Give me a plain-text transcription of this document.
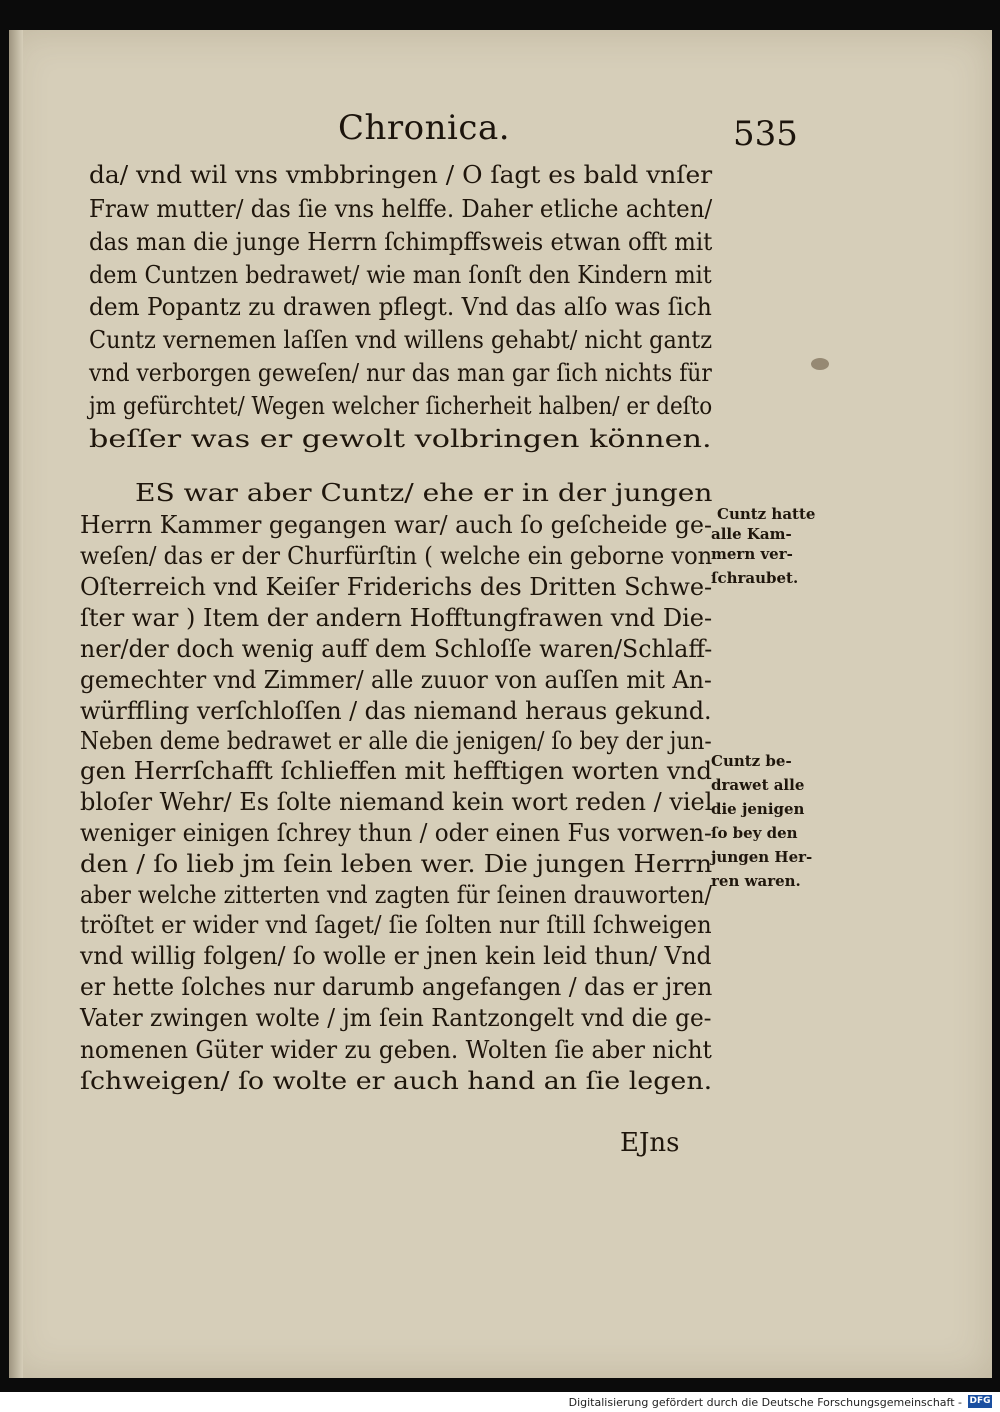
Chronica.	535
da/ vnd wil vns vmbbringen / O ſagt es bald vnſer
Fraw mutter/ das ſie vns helffe. Daher etliche achten/
das man die junge Herrn ſchimpffsweis etwan offt mit
dem Cuntzen bedrawet/ wie man ſonſt den Kindern mit
dem Popantz zu drawen pflegt. Vnd das alſo was ſich
Cuntz vernemen laſſen vnd willens gehabt/ nicht gantz
vnd verborgen geweſen/ nur das man gar ſich nichts für
jm gefürchtet/ Wegen welcher ſicherheit halben/ er deſto
beſſer was er gewolt volbringen können.
ES war aber Cuntz/ ehe er in der jungen
Herrn Kammer gegangen war/ auch ſo geſcheide ge-
weſen/ das er der Churfürſtin ( welche ein geborne von
Oſterreich vnd Keiſer Friderichs des Dritten Schwe-
ſter war ) Item der andern Hofftungfrawen vnd Die-
ner/der doch wenig auff dem Schloſſe waren/Schlaff-
gemechter vnd Zimmer/ alle zuuor von auſſen mit An-
würffling verſchloſſen / das niemand heraus gekund.
Neben deme bedrawet er alle die jenigen/ ſo bey der jun-
gen Herrſchafft ſchlieffen mit hefftigen worten vnd
bloſer Wehr/ Es ſolte niemand kein wort reden / viel
weniger einigen ſchrey thun / oder einen Fus vorwen-
den / ſo lieb jm ſein leben wer. Die jungen Herrn
aber welche zitterten vnd zagten für ſeinen drauworten/
tröſtet er wider vnd ſaget/ ſie ſolten nur ſtill ſchweigen
vnd willig folgen/ ſo wolle er jnen kein leid thun/ Vnd
er hette ſolches nur darumb angefangen / das er jren
Vater zwingen wolte / jm ſein Rantzongelt vnd die ge-
nomenen Güter wider zu geben. Wolten ſie aber nicht
ſchweigen/ ſo wolte er auch hand an ſie legen.
Cuntz hatte
alle Kam-
mern ver-
ſchraubet.
Cuntz be-
drawet alle
die jenigen
ſo bey den
jungen Her-
ren waren.
EJns
Digitalisierung gefördert durch die Deutsche Forschungsgemeinschaft - DFG
